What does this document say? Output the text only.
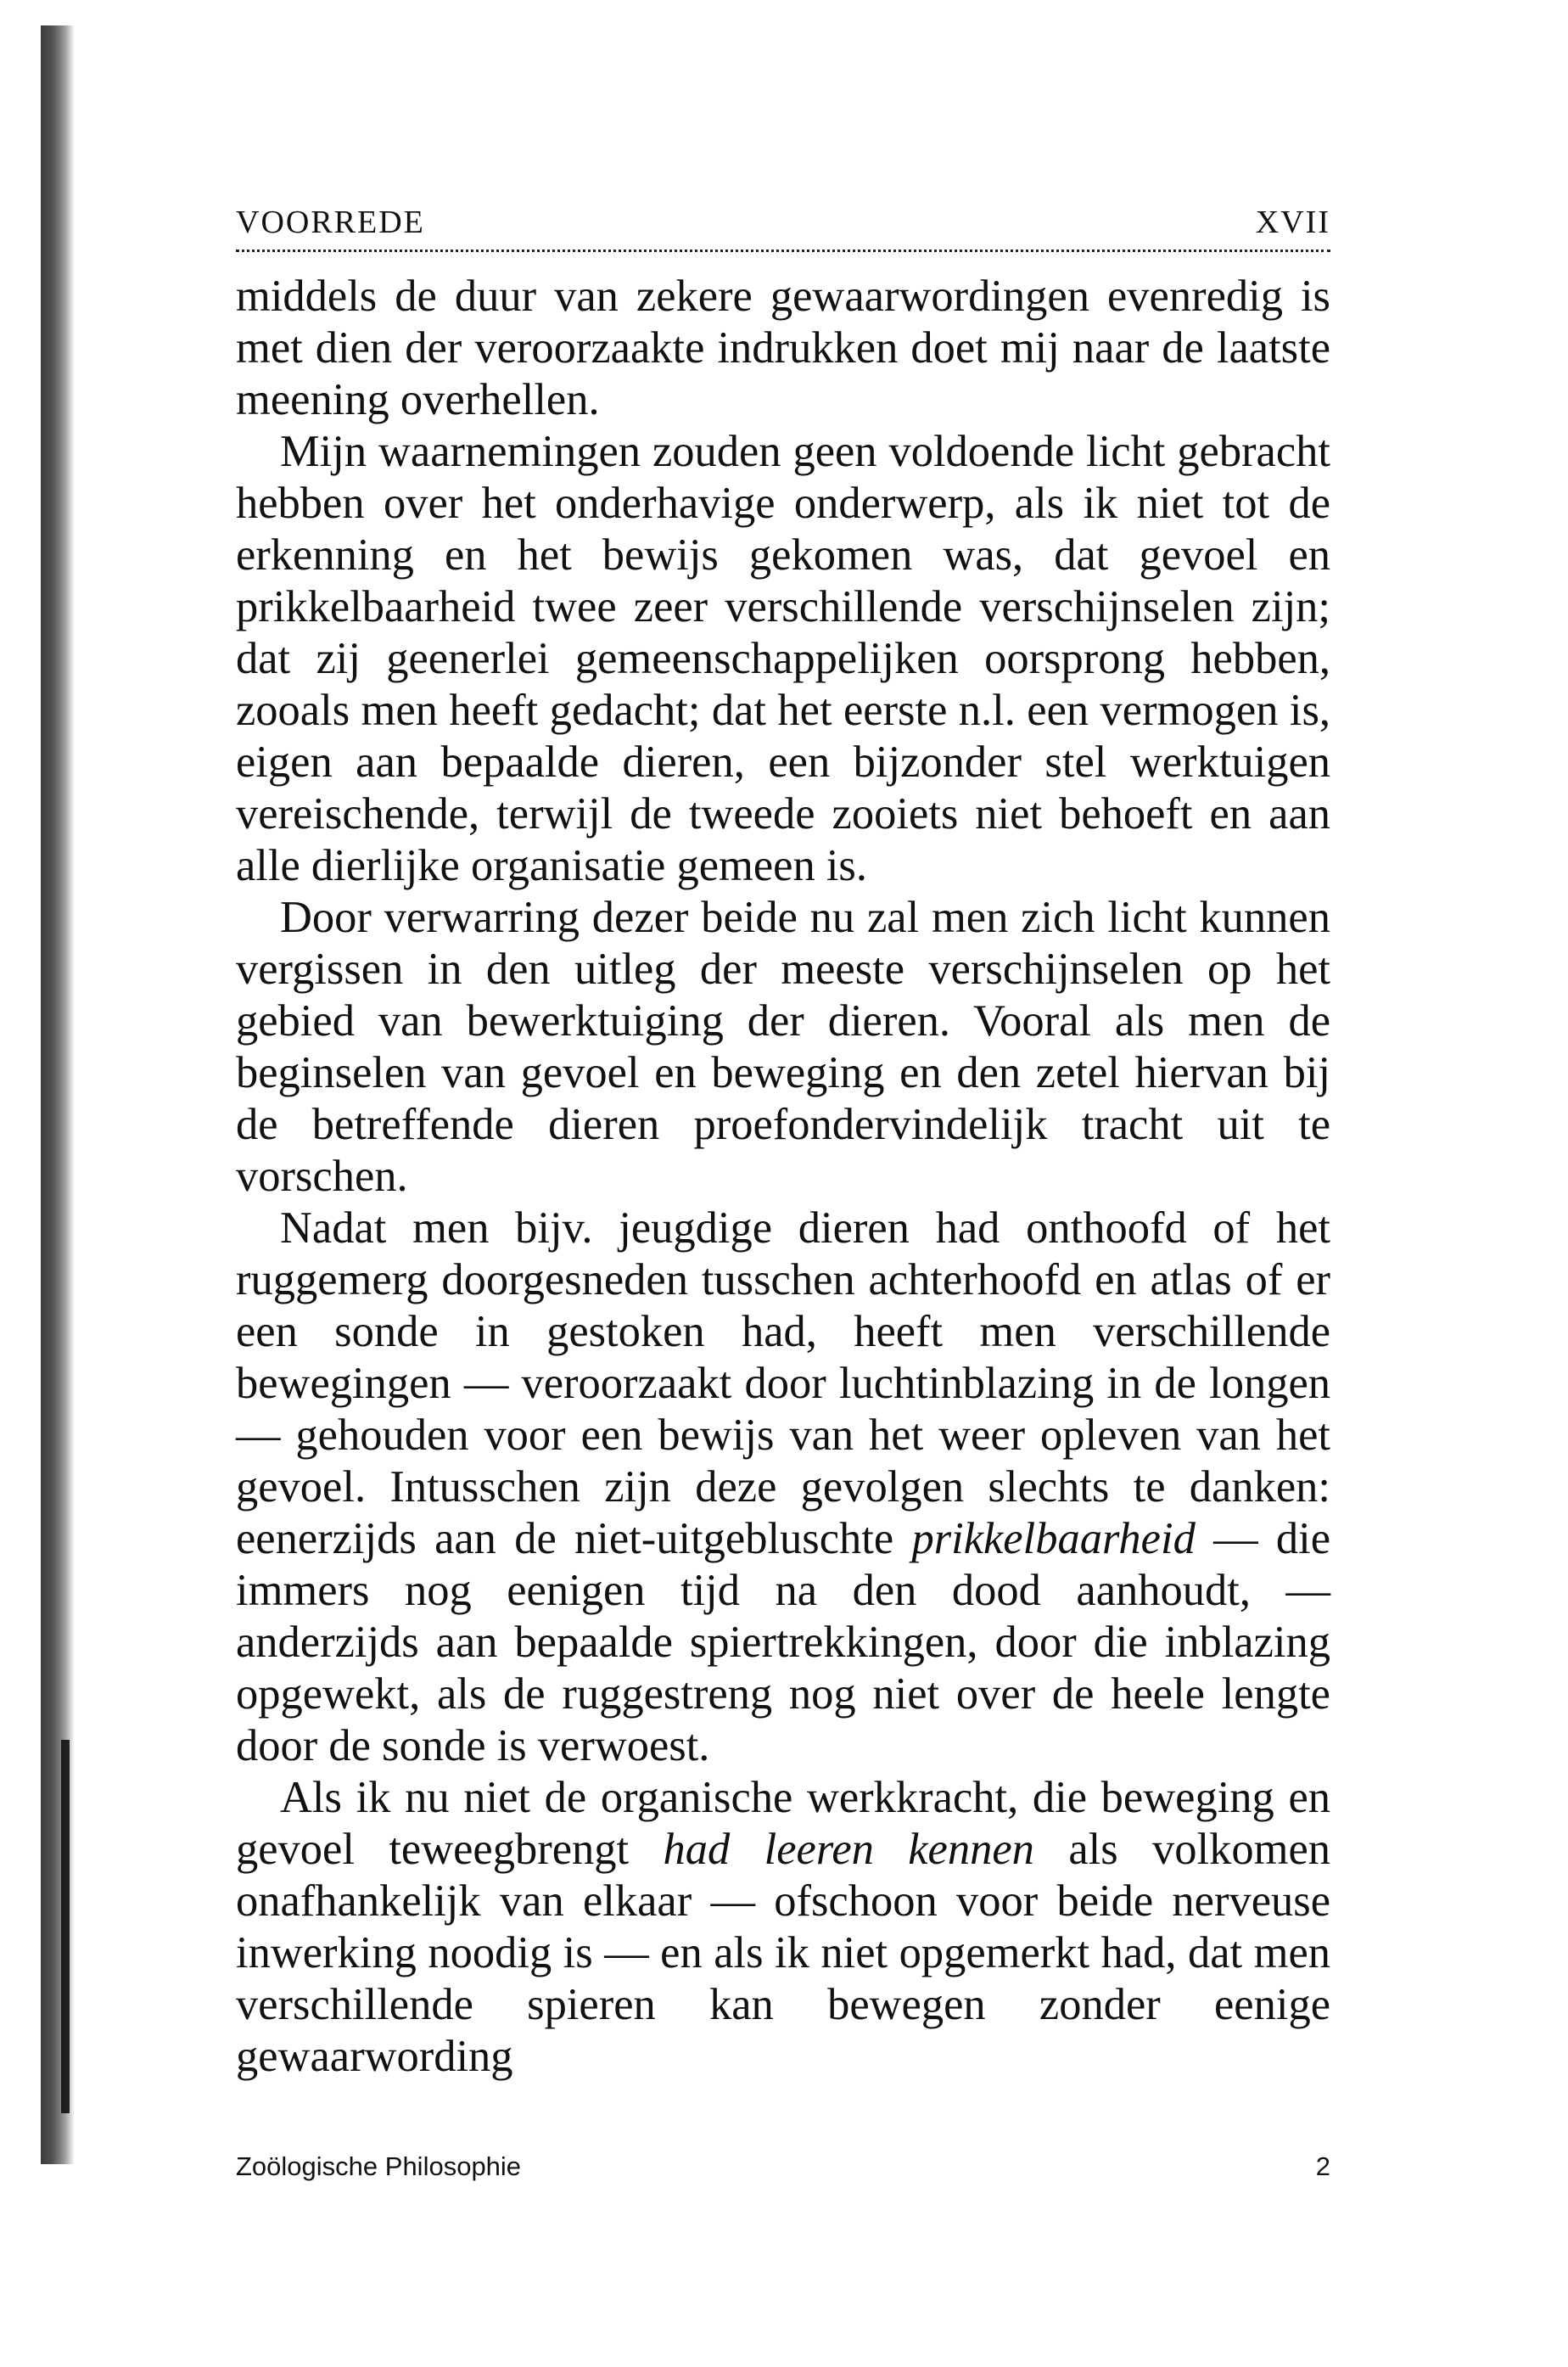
VOORREDE	XVII

middels de duur van zekere gewaarwordingen evenredig is met dien der veroorzaakte indrukken doet mij naar de laatste meening overhellen.

Mijn waarnemingen zouden geen voldoende licht gebracht hebben over het onderhavige onderwerp, als ik niet tot de erkenning en het bewijs gekomen was, dat gevoel en prikkelbaarheid twee zeer verschillende verschijnselen zijn; dat zij geenerlei gemeenschappelijken oorsprong hebben, zooals men heeft gedacht; dat het eerste n.l. een vermogen is, eigen aan bepaalde dieren, een bijzonder stel werktuigen vereischende, terwijl de tweede zooiets niet behoeft en aan alle dierlijke organisatie gemeen is.

Door verwarring dezer beide nu zal men zich licht kunnen vergissen in den uitleg der meeste verschijnselen op het gebied van bewerktuiging der dieren. Vooral als men de beginselen van gevoel en beweging en den zetel hiervan bij de betreffende dieren proefondervindelijk tracht uit te vorschen.

Nadat men bijv. jeugdige dieren had onthoofd of het ruggemerg doorgesneden tusschen achterhoofd en atlas of er een sonde in gestoken had, heeft men verschillende bewegingen — veroorzaakt door luchtinblazing in de longen — gehouden voor een bewijs van het weer opleven van het gevoel. Intusschen zijn deze gevolgen slechts te danken: eenerzijds aan de niet-uitgebluschte prikkelbaarheid — die immers nog eenigen tijd na den dood aanhoudt, — anderzijds aan bepaalde spiertrekkingen, door die inblazing opgewekt, als de ruggestreng nog niet over de heele lengte door de sonde is verwoest.

Als ik nu niet de organische werkkracht, die beweging en gevoel teweegbrengt had leeren kennen als volkomen onafhankelijk van elkaar — ofschoon voor beide nerveuse inwerking noodig is — en als ik niet opgemerkt had, dat men verschillende spieren kan bewegen zonder eenige gewaarwording

Zoölogische Philosophie	2
